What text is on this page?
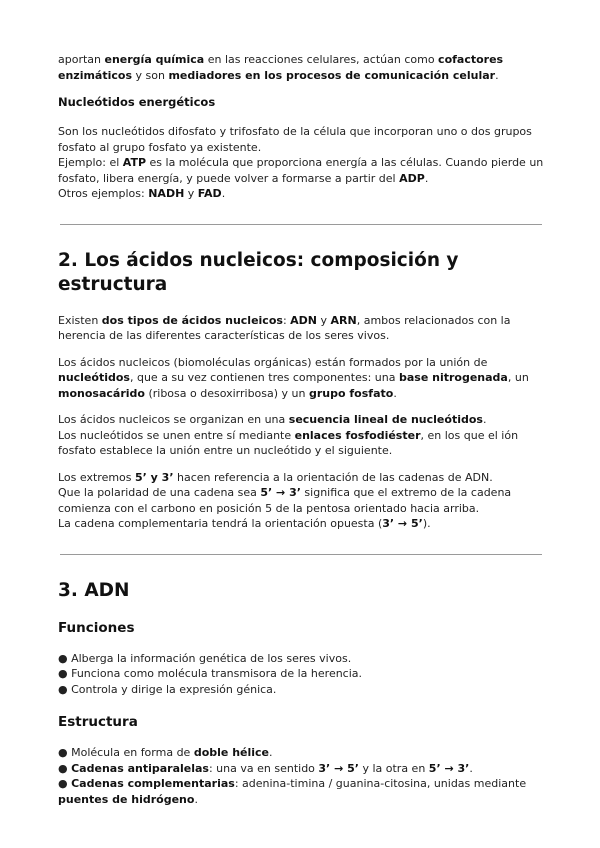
aportan energía química en las reacciones celulares, actúan como cofactores enzimáticos y son mediadores en los procesos de comunicación celular.

Nucleótidos energéticos

Son los nucleótidos difosfato y trifosfato de la célula que incorporan uno o dos grupos fosfato al grupo fosfato ya existente.

Ejemplo: el ATP es la molécula que proporciona energía a las células. Cuando pierde un fosfato, libera energía, y puede volver a formarse a partir del ADP.

Otros ejemplos: NADH y FAD.

2. Los ácidos nucleicos: composición y estructura

Existen dos tipos de ácidos nucleicos: ADN y ARN, ambos relacionados con la herencia de las diferentes características de los seres vivos.

Los ácidos nucleicos (biomoléculas orgánicas) están formados por la unión de nucleótidos, que a su vez contienen tres componentes: una base nitrogenada, un monosacárido (ribosa o desoxirribosa) y un grupo fosfato.

Los ácidos nucleicos se organizan en una secuencia lineal de nucleótidos.

Los nucleótidos se unen entre sí mediante enlaces fosfodiéster, en los que el ión fosfato establece la unión entre un nucleótido y el siguiente.

Los extremos 5’ y 3’ hacen referencia a la orientación de las cadenas de ADN.

Que la polaridad de una cadena sea 5’ → 3’ significa que el extremo de la cadena comienza con el carbono en posición 5 de la pentosa orientado hacia arriba.

La cadena complementaria tendrá la orientación opuesta (3’ → 5’).

3. ADN
Funciones
● Alberga la información genética de los seres vivos.
● Funciona como molécula transmisora de la herencia.
● Controla y dirige la expresión génica.
Estructura
● Molécula en forma de doble hélice.
● Cadenas antiparalelas: una va en sentido 3’ → 5’ y la otra en 5’ → 3’.
● Cadenas complementarias: adenina-timina / guanina-citosina, unidas mediante puentes de hidrógeno.
